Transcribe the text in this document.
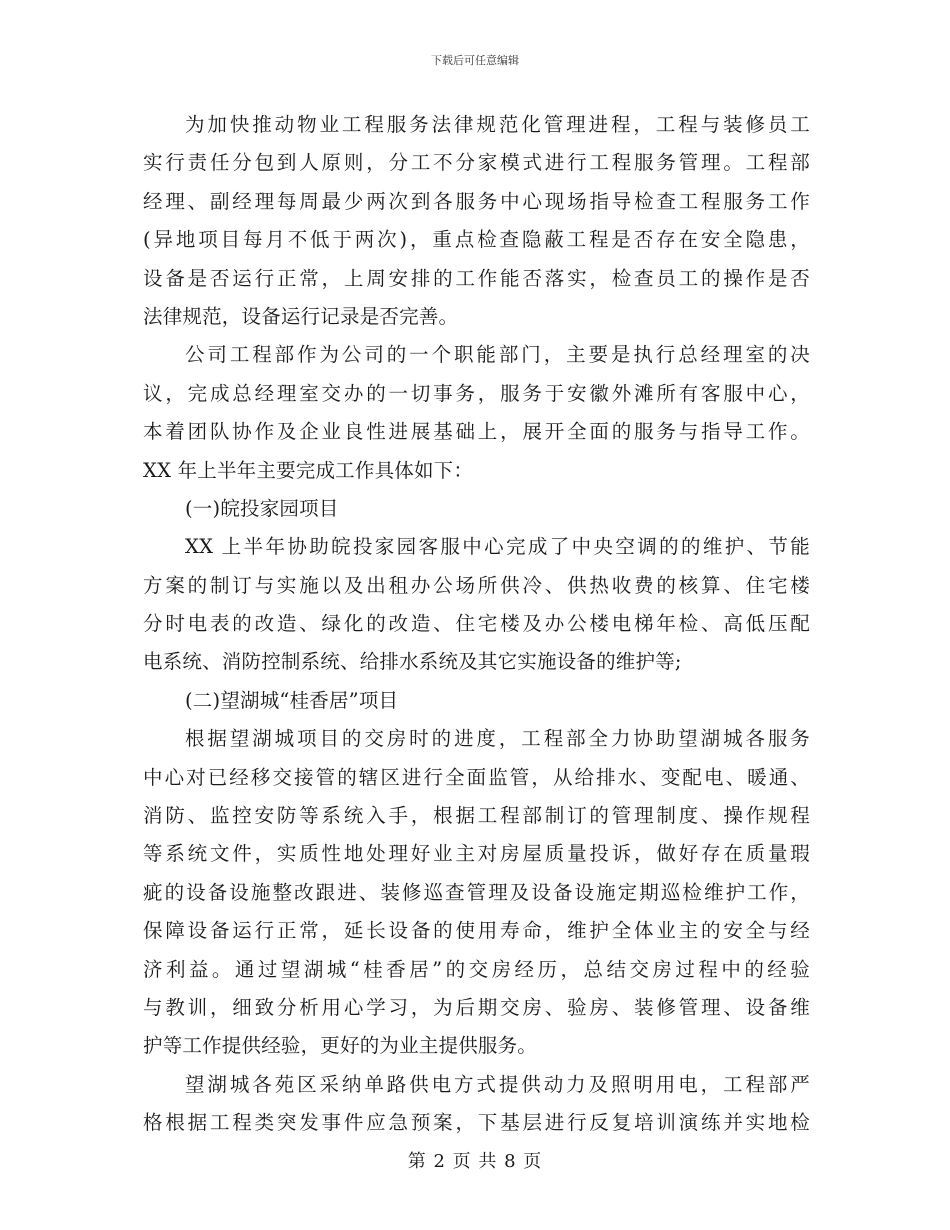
下载后可任意编辑
为加快推动物业工程服务法律规范化管理进程，工程与装修员工
实行责任分包到人原则，分工不分家模式进行工程服务管理。工程部
经理、副经理每周最少两次到各服务中心现场指导检查工程服务工作
(异地项目每月不低于两次)，重点检查隐蔽工程是否存在安全隐患，
设备是否运行正常，上周安排的工作能否落实，检查员工的操作是否
法律规范，设备运行记录是否完善。
公司工程部作为公司的一个职能部门，主要是执行总经理室的决
议，完成总经理室交办的一切事务，服务于安徽外滩所有客服中心，
本着团队协作及企业良性进展基础上，展开全面的服务与指导工作。
XX 年上半年主要完成工作具体如下：
(一)皖投家园项目
XX 上半年协助皖投家园客服中心完成了中央空调的的维护、节能
方案的制订与实施以及出租办公场所供冷、供热收费的核算、住宅楼
分时电表的改造、绿化的改造、住宅楼及办公楼电梯年检、高低压配
电系统、消防控制系统、给排水系统及其它实施设备的维护等;
(二)望湖城“桂香居”项目
根据望湖城项目的交房时的进度，工程部全力协助望湖城各服务
中心对已经移交接管的辖区进行全面监管，从给排水、变配电、暖通、
消防、监控安防等系统入手，根据工程部制订的管理制度、操作规程
等系统文件，实质性地处理好业主对房屋质量投诉，做好存在质量瑕
疵的设备设施整改跟进、装修巡查管理及设备设施定期巡检维护工作，
保障设备运行正常，延长设备的使用寿命，维护全体业主的安全与经
济利益。通过望湖城“桂香居”的交房经历，总结交房过程中的经验
与教训，细致分析用心学习，为后期交房、验房、装修管理、设备维
护等工作提供经验，更好的为业主提供服务。
望湖城各苑区采纳单路供电方式提供动力及照明用电，工程部严
格根据工程类突发事件应急预案，下基层进行反复培训演练并实地检
第 2 页 共 8 页
